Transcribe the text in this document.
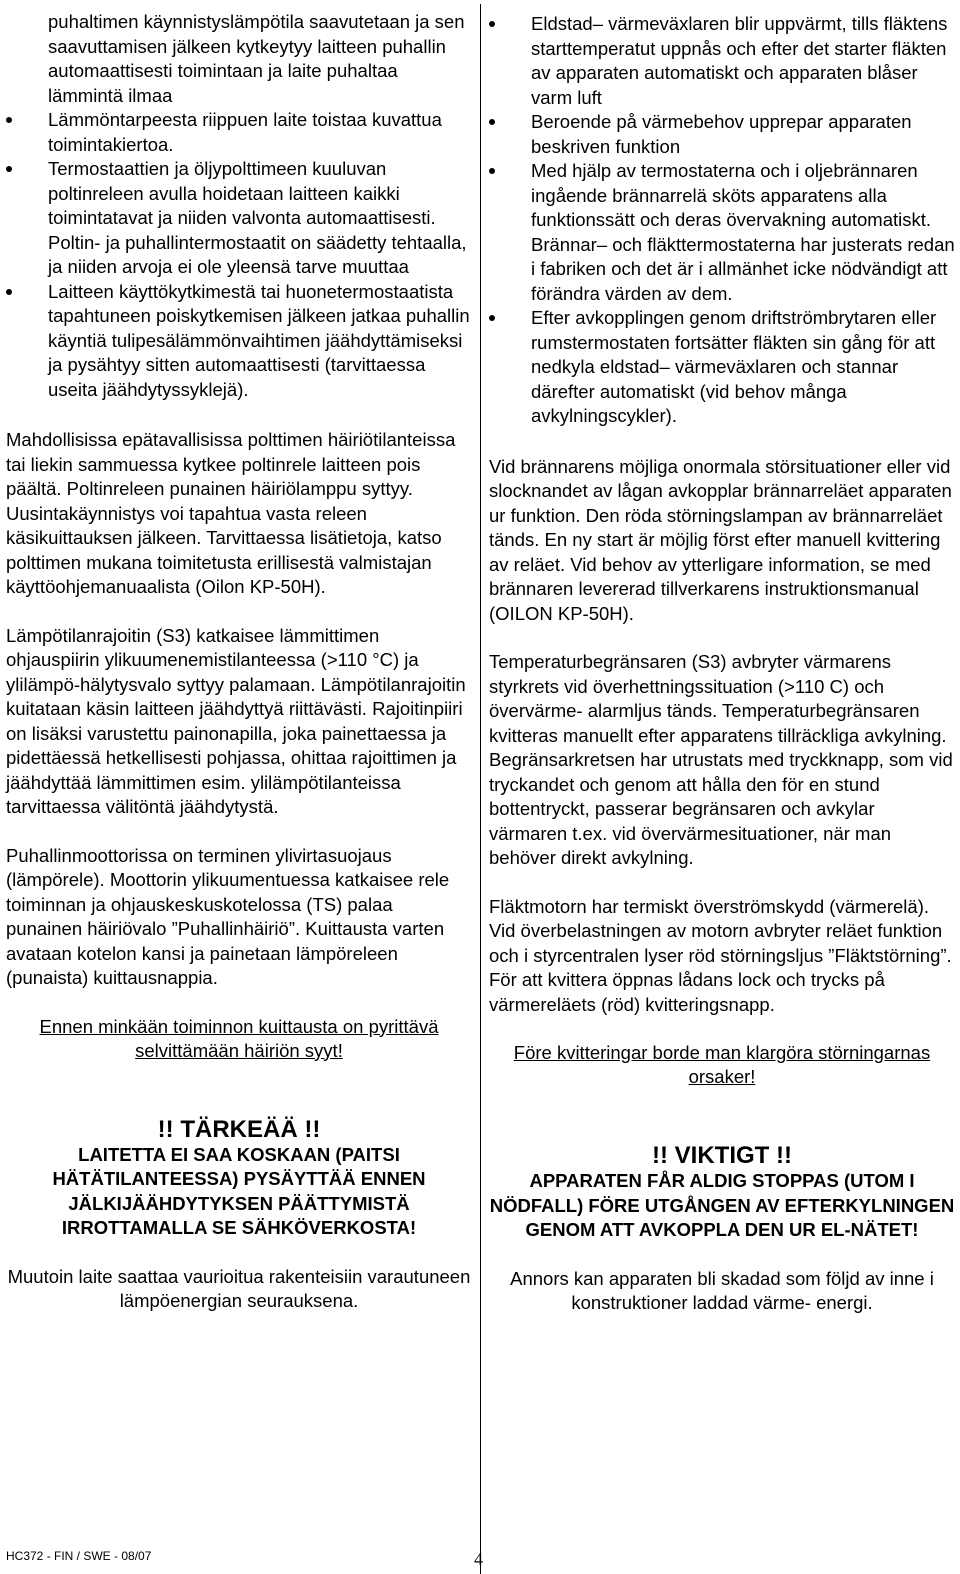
puhaltimen käynnistyslämpötila saavutetaan ja sen saavuttamisen jälkeen kytkeytyy laitteen puhallin automaattisesti toimintaan ja laite puhaltaa lämmintä ilmaa
Lämmöntarpeesta riippuen laite toistaa kuvattua toimintakiertoa.
Termostaattien ja öljypolttimeen kuuluvan poltinreleen avulla hoidetaan laitteen kaikki toimintatavat ja niiden valvonta automaattisesti. Poltin- ja puhallintermostaatit on säädetty tehtaalla, ja niiden arvoja ei ole yleensä tarve muuttaa
Laitteen käyttökytkimestä tai huonetermostaatista tapahtuneen poiskytkemisen jälkeen jatkaa puhallin käyntiä tulipesälämmönvaihtimen jäähdyttämiseksi ja pysähtyy sitten automaattisesti (tarvittaessa useita jäähdytyssyklejä).

Mahdollisissa epätavallisissa polttimen häiriötilanteissa tai liekin sammuessa kytkee poltinrele laitteen pois päältä. Poltinreleen punainen häiriölamppu syttyy. Uusintakäynnistys voi tapahtua vasta releen käsikuittauksen jälkeen. Tarvittaessa lisätietoja, katso polttimen mukana toimitetusta erillisestä valmistajan käyttöohjemanuaalista (Oilon KP-50H).

Lämpötilanrajoitin (S3) katkaisee lämmittimen ohjauspiirin ylikuumenemistilanteessa (>110 °C) ja ylilämpö-hälytysvalo syttyy palamaan. Lämpötilanrajoitin kuitataan käsin laitteen jäähdyttyä riittävästi. Rajoitinpiiri on lisäksi varustettu painonapilla, joka painettaessa ja pidettäessä hetkellisesti pohjassa, ohittaa rajoittimen ja jäähdyttää lämmittimen esim. ylilämpötilanteissa tarvittaessa välitöntä jäähdytystä.

Puhallinmoottorissa on terminen ylivirtasuojaus (lämpörele). Moottorin ylikuumentuessa katkaisee rele toiminnan ja ohjauskeskuskotelossa (TS) palaa punainen häiriövalo ”Puhallinhäiriö”. Kuittausta varten avataan kotelon kansi ja painetaan lämpöreleen (punaista) kuittausnappia.

Ennen minkään toiminnon kuittausta on pyrittävä selvittämään häiriön syyt!

!! TÄRKEÄÄ !!

LAITETTA EI SAA KOSKAAN (PAITSI HÄTÄTILANTEESSA) PYSÄYTTÄÄ ENNEN JÄLKIJÄÄHDYTYKSEN PÄÄTTYMISTÄ IRROTTAMALLA SE SÄHKÖVERKOSTA!

Muutoin laite saattaa vaurioitua rakenteisiin varautuneen lämpöenergian seurauksena.

Eldstad– värmeväxlaren blir uppvärmt, tills fläktens starttemperatut uppnås och efter det starter fläkten av apparaten automatiskt och apparaten blåser varm luft
Beroende på värmebehov upprepar apparaten beskriven funktion
Med hjälp av termostaterna och i oljebrännaren ingående brännarrelä sköts apparatens alla funktionssätt och deras övervakning automatiskt. Brännar– och fläkttermostaterna har justerats redan i fabriken och det är i allmänhet icke nödvändigt att förändra värden av dem.
Efter avkopplingen genom driftströmbrytaren eller rumstermostaten fortsätter fläkten sin gång för att nedkyla eldstad– värmeväxlaren och stannar därefter automatiskt (vid behov många avkylningscykler).

Vid brännarens möjliga onormala störsituationer eller vid slocknandet av lågan avkopplar brännarreläet apparaten ur funktion. Den röda störningslampan av brännarreläet tänds. En ny start är möjlig först efter manuell kvittering av reläet. Vid behov av ytterligare information, se med brännaren levererad tillverkarens instruktionsmanual (OILON KP-50H).

Temperaturbegränsaren (S3) avbryter värmarens styrkrets vid överhettningssituation (>110 C) och övervärme- alarmljus tänds. Temperaturbegränsaren kvitteras manuellt efter apparatens tillräckliga avkylning. Begränsarkretsen har utrustats med tryckknapp, som vid tryckandet och genom att hålla den för en stund bottentryckt, passerar begränsaren och avkylar värmaren t.ex. vid övervärmesituationer, när man behöver direkt avkylning.

Fläktmotorn har termiskt överströmskydd (värmerelä). Vid överbelastningen av motorn avbryter reläet funktion och i styrcentralen lyser röd störningsljus ”Fläktstörning”. För att kvittera öppnas lådans lock och trycks på värmereläets (röd) kvitteringsnapp.

Före kvitteringar borde man klargöra störningarnas orsaker!

!! VIKTIGT !!

APPARATEN FÅR ALDIG STOPPAS (UTOM I NÖDFALL) FÖRE UTGÅNGEN AV EFTERKYLNINGEN GENOM ATT AVKOPPLA DEN UR EL-NÄTET!

Annors kan apparaten bli skadad som följd av inne i konstruktioner laddad värme- energi.

HC372 - FIN / SWE - 08/07	4
